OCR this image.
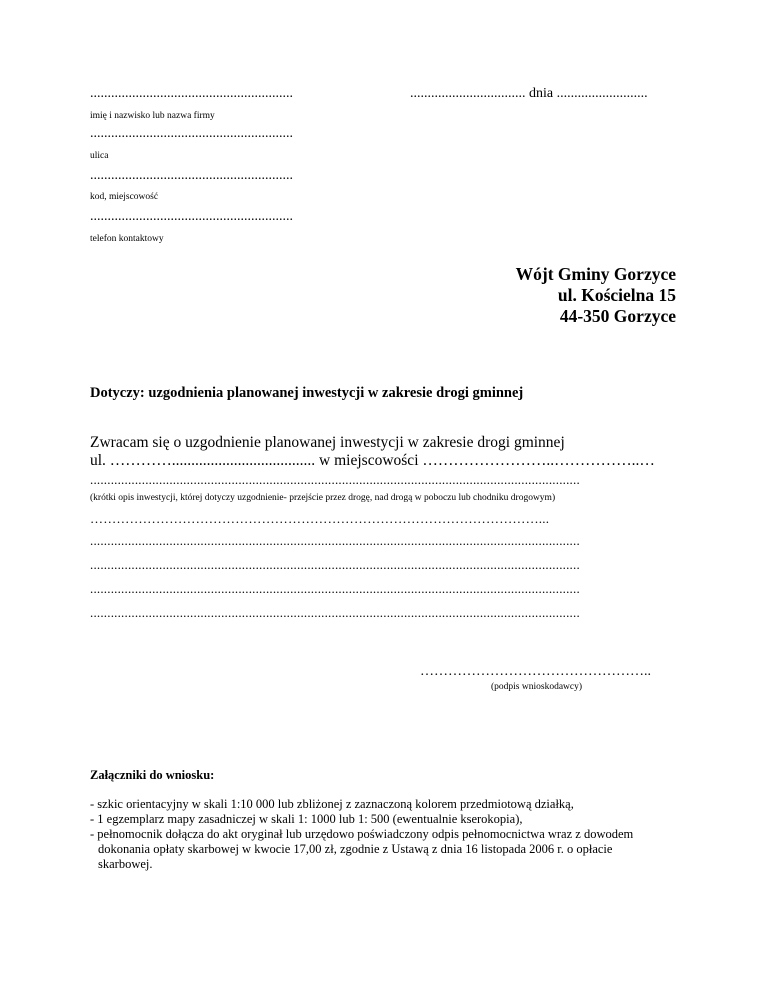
..........................................................	................................. dnia ..........................
imię i nazwisko lub nazwa firmy
..........................................................
ulica
..........................................................
kod, miejscowość
..........................................................
telefon kontaktowy
Wójt Gminy Gorzyce
ul. Kościelna 15
44-350 Gorzyce
Dotyczy: uzgodnienia planowanej inwestycji w zakresie drogi gminnej
Zwracam się o uzgodnienie planowanej inwestycji w zakresie drogi gminnej
ul. …………..................................... w miejscowości ……………………..……………..…
..............................................................................................................................................
(krótki opis inwestycji, której dotyczy uzgodnienie- przejście przez drogę, nad drogą w poboczu lub chodniku drogowym)
…………………………………………………………………………………………...
..............................................................................................................................................
..............................................................................................................................................
..............................................................................................................................................
..............................................................................................................................................
…………………………………………..
(podpis wnioskodawcy)
Załączniki do wniosku:
- szkic orientacyjny w skali 1:10 000 lub zbliżonej z zaznaczoną kolorem przedmiotową działką,
- 1 egzemplarz mapy zasadniczej w skali 1: 1000 lub 1: 500 (ewentualnie kserokopia),
- pełnomocnik dołącza do akt oryginał lub urzędowo poświadczony odpis pełnomocnictwa wraz z dowodem
dokonania opłaty skarbowej w kwocie 17,00 zł, zgodnie z Ustawą z dnia 16 listopada 2006 r. o opłacie
skarbowej.
